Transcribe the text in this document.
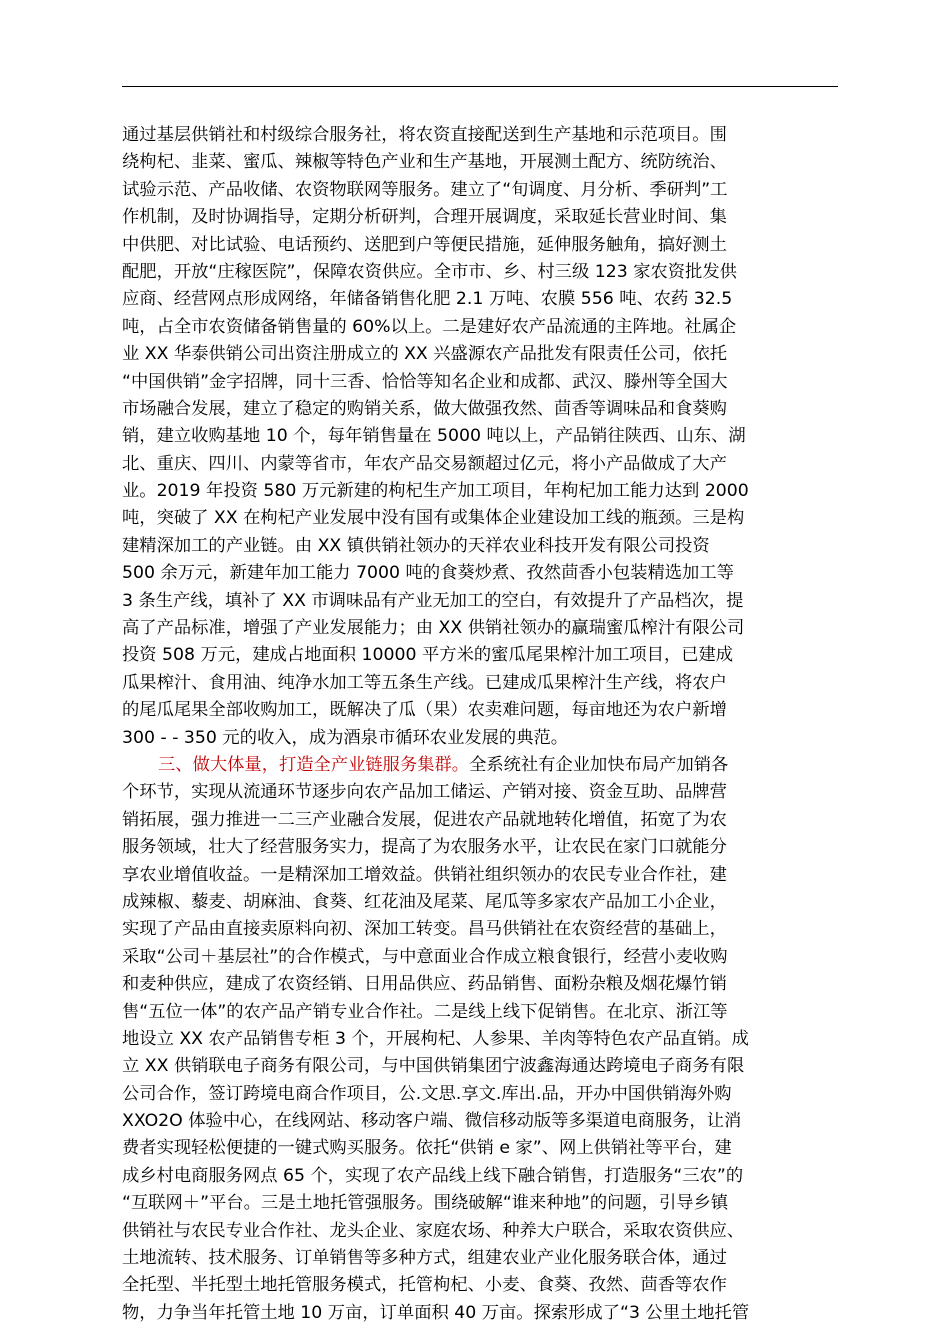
通过基层供销社和村级综合服务社，将农资直接配送到生产基地和示范项目。围
绕枸杞、韭菜、蜜瓜、辣椒等特色产业和生产基地，开展测土配方、统防统治、
试验示范、产品收储、农资物联网等服务。建立了“旬调度、月分析、季研判”工
作机制，及时协调指导，定期分析研判，合理开展调度，采取延长营业时间、集
中供肥、对比试验、电话预约、送肥到户等便民措施，延伸服务触角，搞好测土
配肥，开放“庄稼医院”，保障农资供应。全市市、乡、村三级 123 家农资批发供
应商、经营网点形成网络，年储备销售化肥 2.1 万吨、农膜 556 吨、农药 32.5
吨，占全市农资储备销售量的 60%以上。二是建好农产品流通的主阵地。社属企
业 XX 华泰供销公司出资注册成立的 XX 兴盛源农产品批发有限责任公司，依托
“中国供销”金字招牌，同十三香、恰恰等知名企业和成都、武汉、滕州等全国大
市场融合发展，建立了稳定的购销关系，做大做强孜然、茴香等调味品和食葵购
销，建立收购基地 10 个，每年销售量在 5000 吨以上，产品销往陕西、山东、湖
北、重庆、四川、内蒙等省市，年农产品交易额超过亿元，将小产品做成了大产
业。2019 年投资 580 万元新建的枸杞生产加工项目，年枸杞加工能力达到 2000
吨，突破了 XX 在枸杞产业发展中没有国有或集体企业建设加工线的瓶颈。三是构
建精深加工的产业链。由 XX 镇供销社领办的天祥农业科技开发有限公司投资
500 余万元，新建年加工能力 7000 吨的食葵炒煮、孜然茴香小包装精选加工等
3 条生产线，填补了 XX 市调味品有产业无加工的空白，有效提升了产品档次，提
高了产品标准，增强了产业发展能力；由 XX 供销社领办的赢瑞蜜瓜榨汁有限公司
投资 508 万元，建成占地面积 10000 平方米的蜜瓜尾果榨汁加工项目，已建成
瓜果榨汁、食用油、纯净水加工等五条生产线。已建成瓜果榨汁生产线，将农户
的尾瓜尾果全部收购加工，既解决了瓜（果）农卖难问题，每亩地还为农户新增
300 - - 350 元的收入，成为酒泉市循环农业发展的典范。
三、做大体量，打造全产业链服务集群。全系统社有企业加快布局产加销各
个环节，实现从流通环节逐步向农产品加工储运、产销对接、资金互助、品牌营
销拓展，强力推进一二三产业融合发展，促进农产品就地转化增值，拓宽了为农
服务领域，壮大了经营服务实力，提高了为农服务水平，让农民在家门口就能分
享农业增值收益。一是精深加工增效益。供销社组织领办的农民专业合作社，建
成辣椒、藜麦、胡麻油、食葵、红花油及尾菜、尾瓜等多家农产品加工小企业，
实现了产品由直接卖原料向初、深加工转变。昌马供销社在农资经营的基础上，
采取“公司＋基层社”的合作模式，与中意面业合作成立粮食银行，经营小麦收购
和麦种供应，建成了农资经销、日用品供应、药品销售、面粉杂粮及烟花爆竹销
售“五位一体”的农产品产销专业合作社。二是线上线下促销售。在北京、浙江等
地设立 XX 农产品销售专柜 3 个，开展枸杞、人参果、羊肉等特色农产品直销。成
立 XX 供销联电子商务有限公司，与中国供销集团宁波鑫海通达跨境电子商务有限
公司合作，签订跨境电商合作项目，公.文思.享文.库出.品，开办中国供销海外购
XXO2O 体验中心，在线网站、移动客户端、微信移动版等多渠道电商服务，让消
费者实现轻松便捷的一键式购买服务。依托“供销 e 家”、网上供销社等平台，建
成乡村电商服务网点 65 个，实现了农产品线上线下融合销售，打造服务“三农”的
“互联网＋”平台。三是土地托管强服务。围绕破解“谁来种地”的问题，引导乡镇
供销社与农民专业合作社、龙头企业、家庭农场、种养大户联合，采取农资供应、
土地流转、技术服务、订单销售等多种方式，组建农业产业化服务联合体，通过
全托型、半托型土地托管服务模式，托管枸杞、小麦、食葵、孜然、茴香等农作
物，力争当年托管土地 10 万亩，订单面积 40 万亩。探索形成了“3 公里土地托管
